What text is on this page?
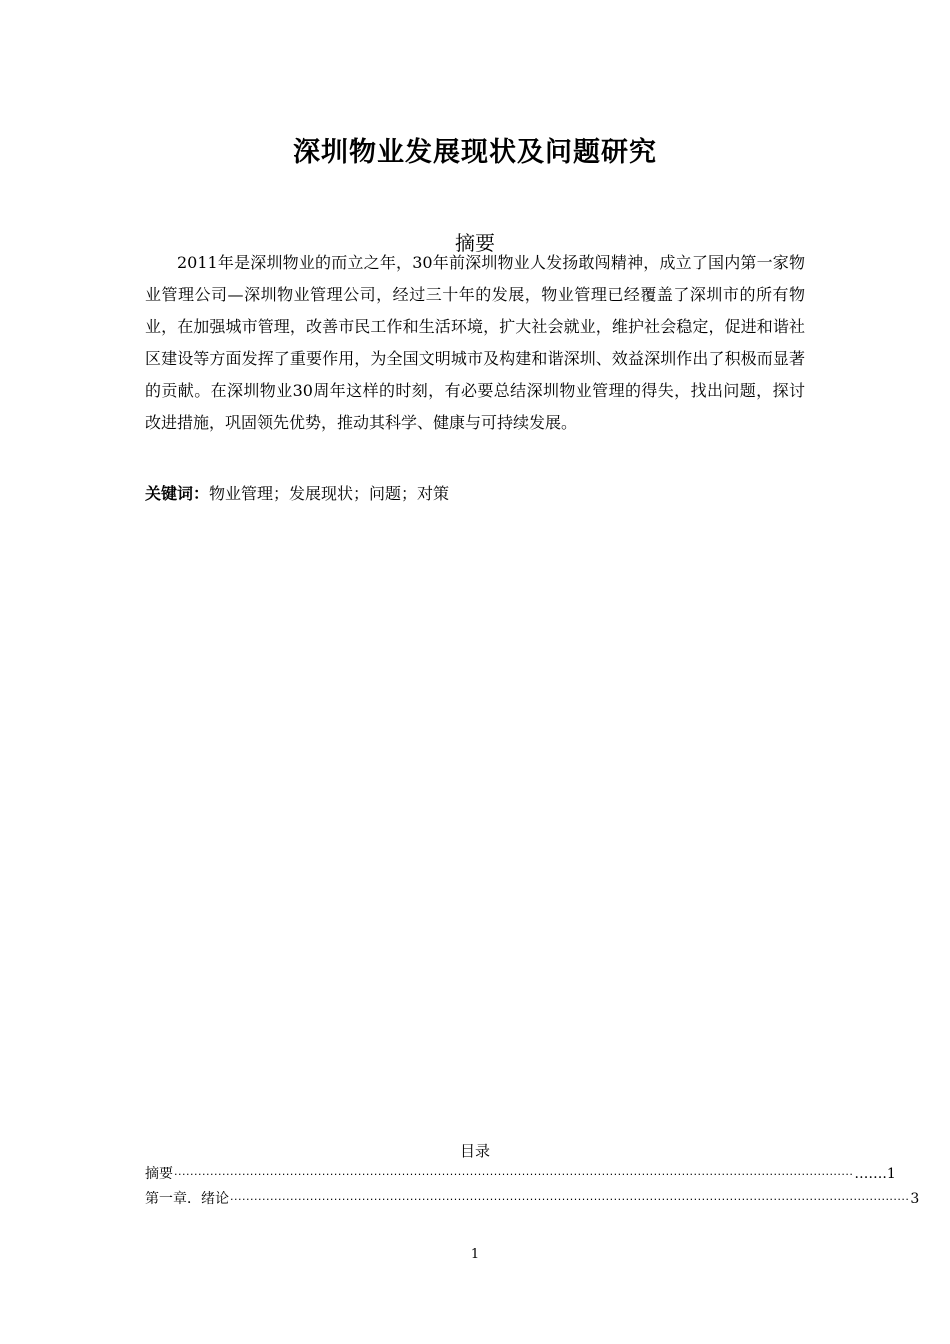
深圳物业发展现状及问题研究
摘要

2011年是深圳物业的而立之年，30年前深圳物业人发扬敢闯精神，成立了国内第一家物业管理公司—深圳物业管理公司，经过三十年的发展，物业管理已经覆盖了深圳市的所有物业，在加强城市管理，改善市民工作和生活环境，扩大社会就业，维护社会稳定，促进和谐社区建设等方面发挥了重要作用，为全国文明城市及构建和谐深圳、效益深圳作出了积极而显著的贡献。在深圳物业30周年这样的时刻，有必要总结深圳物业管理的得失，找出问题，探讨改进措施，巩固领先优势，推动其科学、健康与可持续发展。

关键词：物业管理；发展现状；问题；对策
目录
摘要 ·········································································································································································· …….1
第一章．绪论 ·········································································································································································· 3
1
